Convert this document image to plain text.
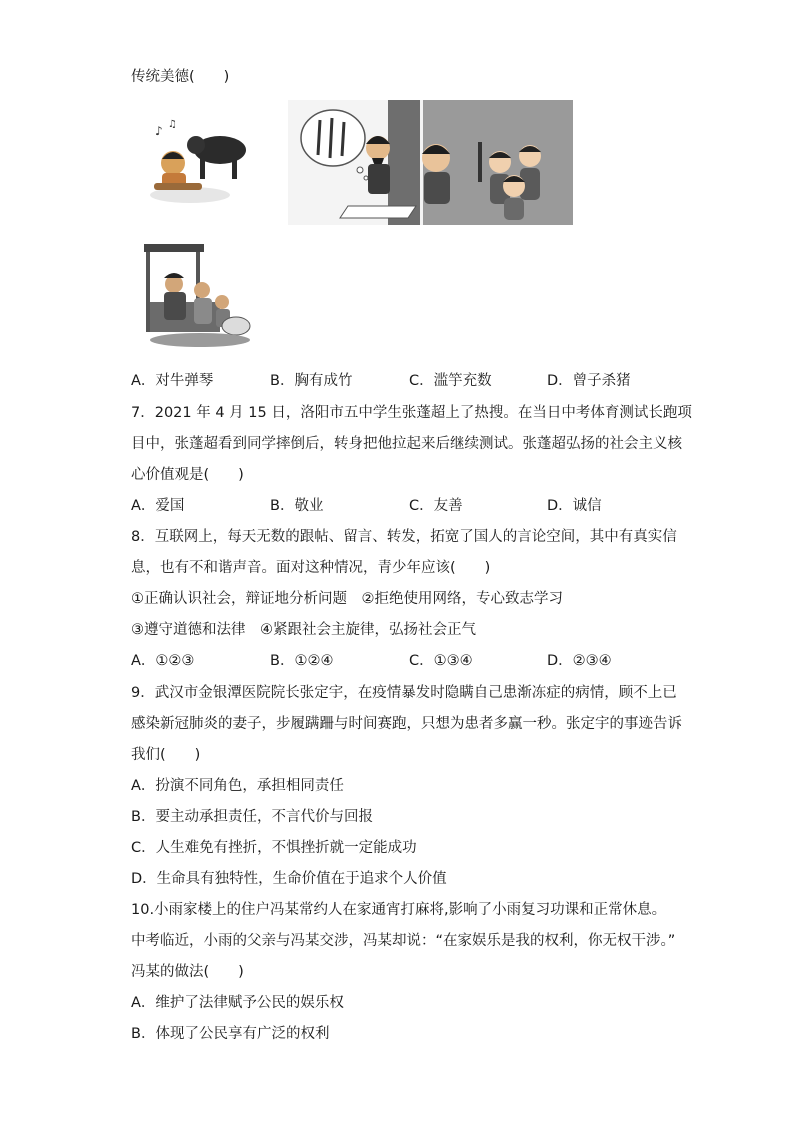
传统美德(　　)
♪ ♫
A．对牛弹琴	B．胸有成竹	C．滥竽充数	D．曾子杀猪
7．2021 年 4 月 15 日，洛阳市五中学生张蓬超上了热搜。在当日中考体育测试长跑项
目中，张蓬超看到同学摔倒后，转身把他拉起来后继续测试。张蓬超弘扬的社会主义核
心价值观是(　　)
A．爱国	B．敬业	C．友善	D．诚信
8．互联网上，每天无数的跟帖、留言、转发，拓宽了国人的言论空间，其中有真实信
息，也有不和谐声音。面对这种情况，青少年应该(　　)
①正确认识社会，辩证地分析问题　②拒绝使用网络，专心致志学习
③遵守道德和法律　④紧跟社会主旋律，弘扬社会正气
A．①②③	B．①②④	C．①③④	D．②③④
9．武汉市金银潭医院院长张定宇，在疫情暴发时隐瞒自己患渐冻症的病情，顾不上已
感染新冠肺炎的妻子，步履蹒跚与时间赛跑，只想为患者多赢一秒。张定宇的事迹告诉
我们(　　)
A．扮演不同角色，承担相同责任
B．要主动承担责任，不言代价与回报
C．人生难免有挫折，不惧挫折就一定能成功
D．生命具有独特性，生命价值在于追求个人价值
10.小雨家楼上的住户冯某常约人在家通宵打麻将,影响了小雨复习功课和正常休息。
中考临近，小雨的父亲与冯某交涉，冯某却说：“在家娱乐是我的权利，你无权干涉。”
冯某的做法(　　)
A．维护了法律赋予公民的娱乐权
B．体现了公民享有广泛的权利
